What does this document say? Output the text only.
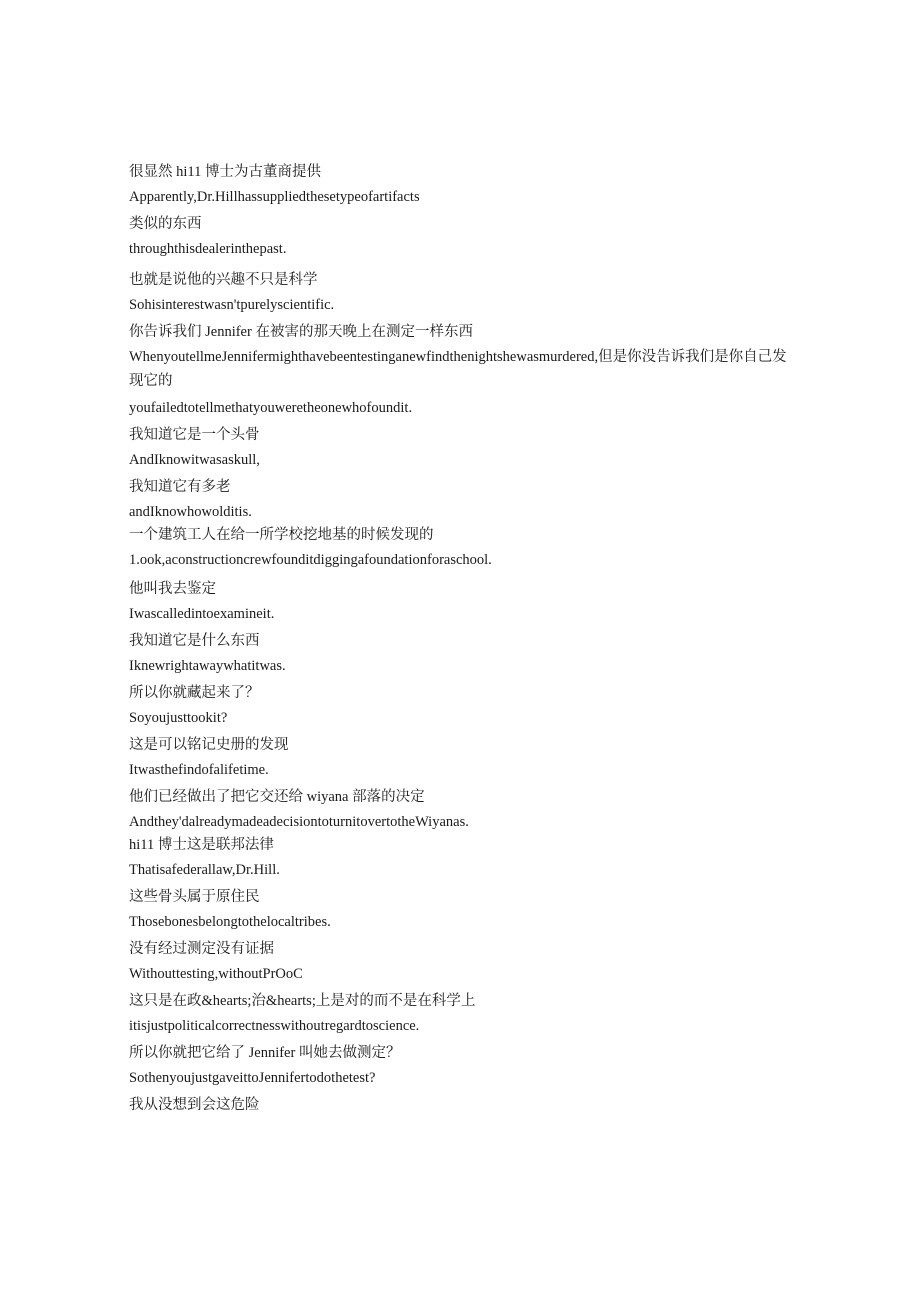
很显然 hi11 博士为古董商提供
Apparently,Dr.Hillhassuppliedthesetypeofartifacts
类似的东西
throughthisdealerinthepast.
也就是说他的兴趣不只是科学
Sohisinterestwasn'tpurelyscientific.
你告诉我们 Jennifer 在被害的那天晚上在测定一样东西
WhenyoutellmeJennifermighthavebeentestinganewfindthenightshewasmurdered,但是你没告诉我们是你自己发现它的
youfailedtotellmethatyouweretheonewhofoundit.
我知道它是一个头骨
AndIknowitwasaskull,
我知道它有多老
andIknowhowolditis.
一个建筑工人在给一所学校挖地基的时候发现的
1.ook,aconstructioncrewfounditdiggingafoundationforaschool.
他叫我去鉴定
Iwascalledintoexamineit.
我知道它是什么东西
Iknewrightawaywhatitwas.
所以你就藏起来了？
Soyoujusttookit?
这是可以铭记史册的发现
Itwasthefindofalifetime.
他们已经做出了把它交还给 wiyana 部落的决定
Andthey'dalreadymadeadecisiontoturnitovertotheWiyanas.
hi11 博士这是联邦法律
Thatisafederallaw,Dr.Hill.
这些骨头属于原住民
Thosebonesbelongtothelocaltribes.
没有经过测定没有证据
Withouttesting,withoutPrOoC
这只是在政&hearts;治&hearts;上是对的而不是在科学上
itisjustpoliticalcorrectnesswithoutregardtoscience.
所以你就把它给了 Jennifer 叫她去做测定？
SothenyoujustgaveittoJennifertodothetest?
我从没想到会这危险
